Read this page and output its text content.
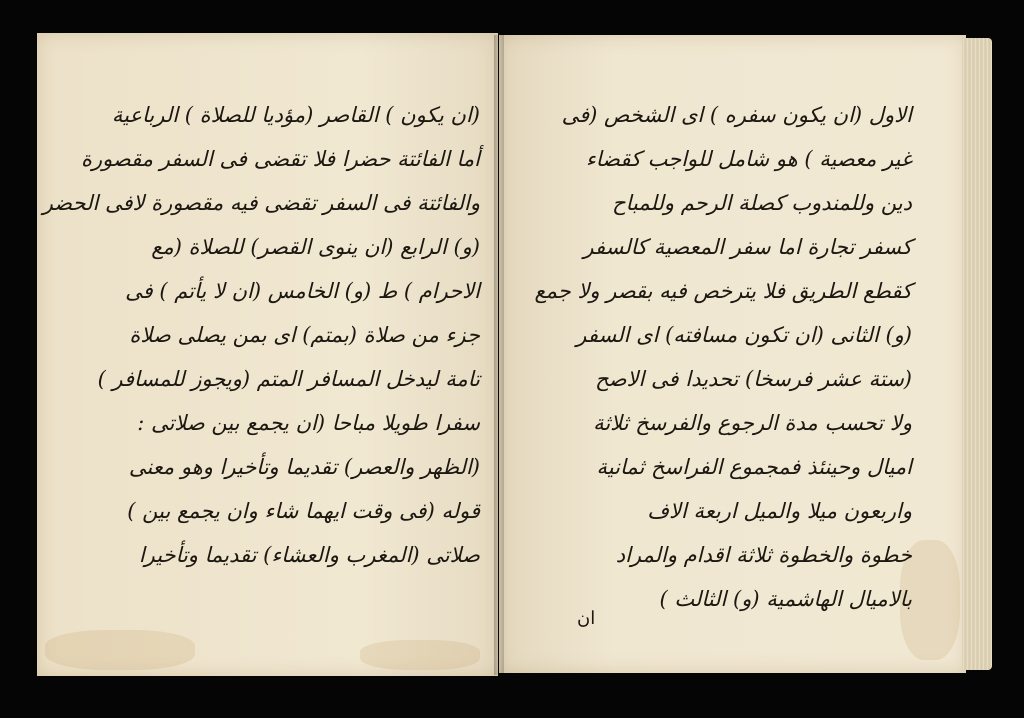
(ان يكون ) القاصر (مؤديا للصلاة ) الرباعية
أما الفائتة حضرا فلا تقضى فى السفر مقصورة
والفائتة فى السفر تقضى فيه مقصورة لافى الحضر
(و) الرابع (ان ينوى القصر) للصلاة (مع
الاحرام ) ط (و) الخامس (ان لا يأتم ) فى
جزء من صلاة (بمتم) اى بمن يصلى صلاة
تامة ليدخل المسافر المتم (ويجوز للمسافر )
سفرا طويلا مباحا (ان يجمع بين صلاتى :
(الظهر والعصر) تقديما وتأخيرا وهو معنى
قوله (فى وقت ايهما شاء وان يجمع بين )
صلاتى (المغرب والعشاء) تقديما وتأخيرا
الاول (ان يكون سفره ) اى الشخص (فى
غير معصية ) هو شامل للواجب كقضاء
دين وللمندوب كصلة الرحم وللمباح
كسفر تجارة اما سفر المعصية كالسفر
كقطع الطريق فلا يترخص فيه بقصر ولا جمع
(و) الثانى (ان تكون مسافته) اى السفر
(ستة عشر فرسخا) تحديدا فى الاصح
ولا تحسب مدة الرجوع والفرسخ ثلاثة
اميال وحينئذ فمجموع الفراسخ ثمانية
واربعون ميلا والميل اربعة الاف
خطوة والخطوة ثلاثة اقدام والمراد
بالاميال الهاشمية (و) الثالث )
ان
